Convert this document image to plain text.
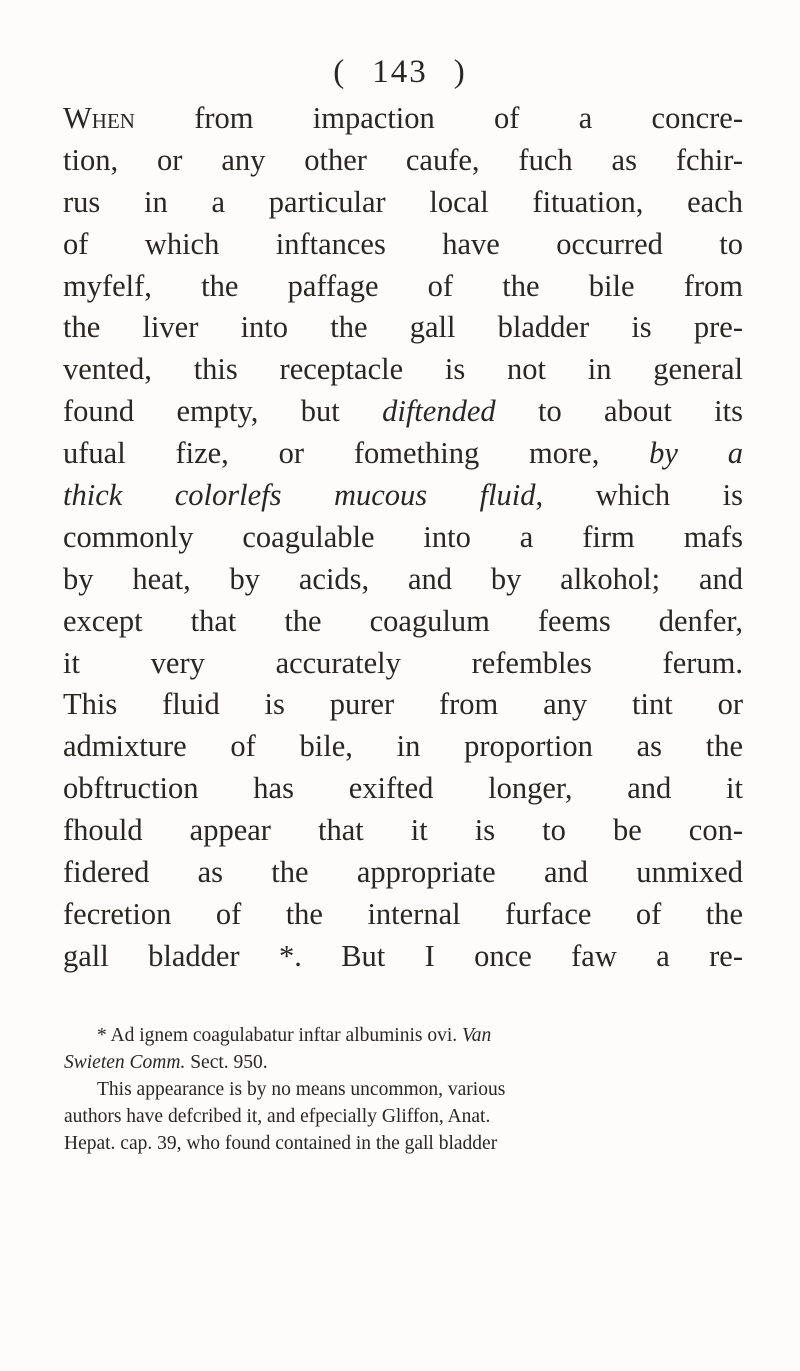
( 143 )
When from impaction of a concre-
tion, or any other caufe, fuch as fchir-
rus in a particular local fituation, each
of which inftances have occurred to
myfelf, the paffage of the bile from
the liver into the gall bladder is pre-
vented, this receptacle is not in general
found empty, but diftended to about its
ufual fize, or fomething more, by a
thick colorlefs mucous fluid, which is
commonly coagulable into a firm mafs
by heat, by acids, and by alkohol; and
except that the coagulum feems denfer,
it very accurately refembles ferum.
This fluid is purer from any tint or
admixture of bile, in proportion as the
obftruction has exifted longer, and it
fhould appear that it is to be con-
fidered as the appropriate and unmixed
fecretion of the internal furface of the
gall bladder *. But I once faw a re-
* Ad ignem coagulabatur inftar albuminis ovi. Van
Swieten Comm. Sect. 950.
This appearance is by no means uncommon, various
authors have defcribed it, and efpecially Gliffon, Anat.
Hepat. cap. 39, who found contained in the gall bladder
